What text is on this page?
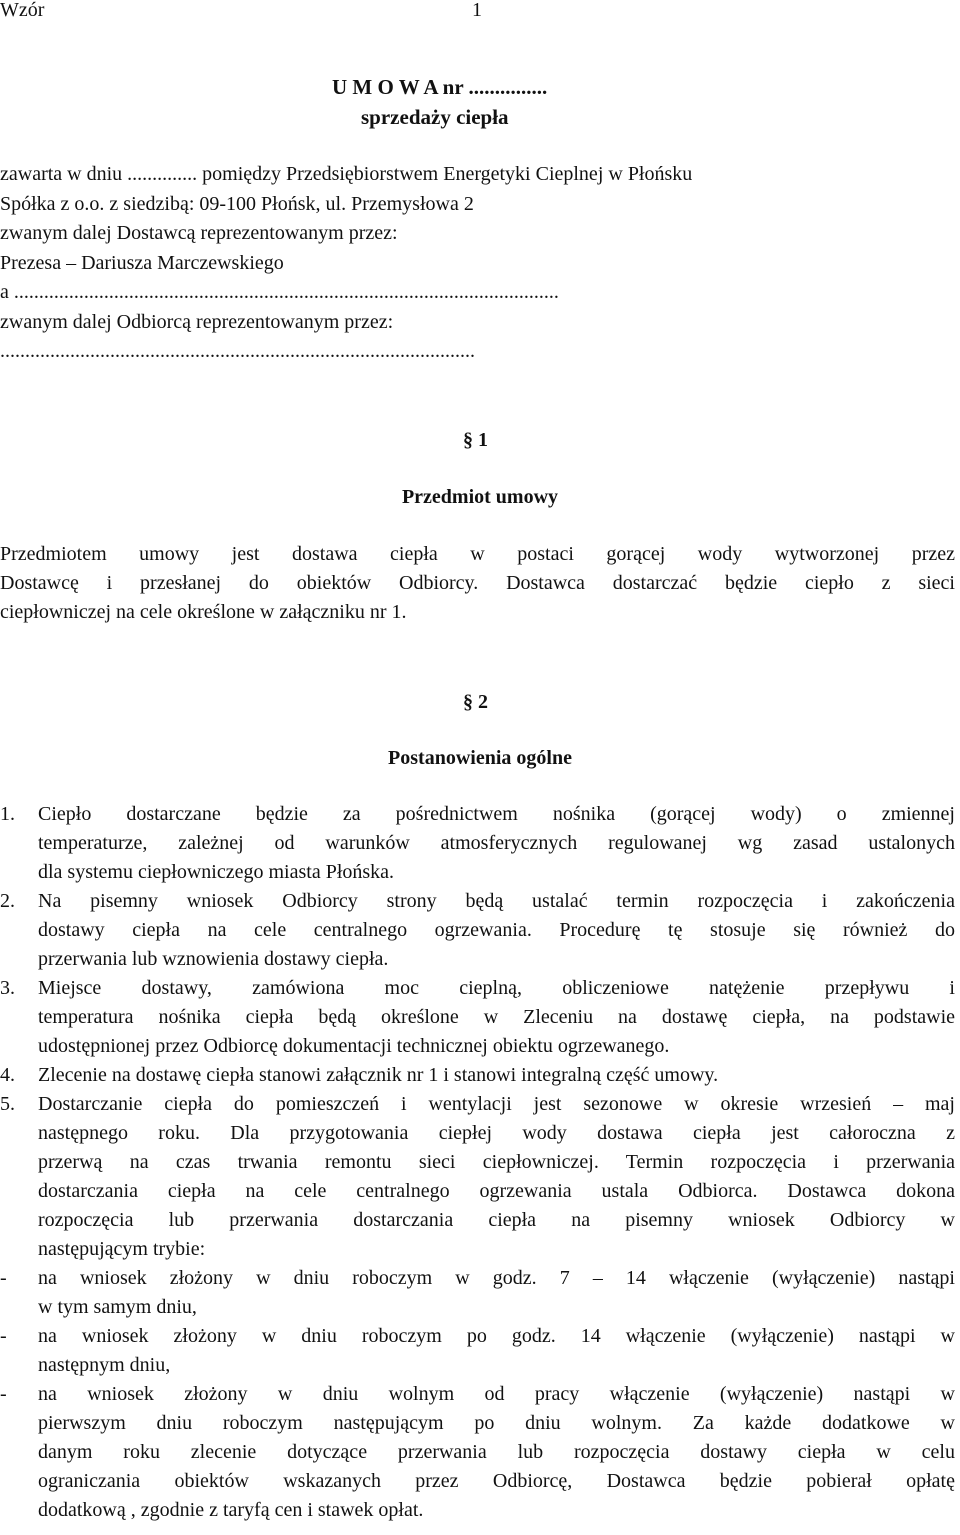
Wzór	1
U M O W A nr ...............
sprzedaży ciepła
zawarta w dniu .............. pomiędzy Przedsiębiorstwem Energetyki Cieplnej w Płońsku
Spółka z o.o. z siedzibą: 09-100 Płońsk, ul. Przemysłowa 2
zwanym dalej Dostawcą reprezentowanym przez:
Prezesa – Dariusza Marczewskiego
a .............................................................................................................
zwanym dalej Odbiorcą reprezentowanym przez:
...............................................................................................
§ 1
Przedmiot umowy
Przedmiotem umowy jest dostawa ciepła w postaci gorącej wody wytworzonej przez
Dostawcę i przesłanej do obiektów Odbiorcy. Dostawca dostarczać będzie ciepło z sieci
ciepłowniczej na cele określone w załączniku nr 1.
§ 2
Postanowienia ogólne
1. Ciepło dostarczane będzie za pośrednictwem nośnika (gorącej wody) o zmiennej
temperaturze, zależnej od warunków atmosferycznych regulowanej wg zasad ustalonych
dla systemu ciepłowniczego miasta Płońska.
2. Na pisemny wniosek Odbiorcy strony będą ustalać termin rozpoczęcia i zakończenia
dostawy ciepła na cele centralnego ogrzewania. Procedurę tę stosuje się również do
przerwania lub wznowienia dostawy ciepła.
3. Miejsce dostawy, zamówiona moc cieplną, obliczeniowe natężenie przepływu i
temperatura nośnika ciepła będą określone w Zleceniu na dostawę ciepła, na podstawie
udostępnionej przez Odbiorcę dokumentacji technicznej obiektu ogrzewanego.
4. Zlecenie na dostawę ciepła stanowi załącznik nr 1 i stanowi integralną część umowy.
5. Dostarczanie ciepła do pomieszczeń i wentylacji jest sezonowe w okresie wrzesień – maj
następnego roku. Dla przygotowania ciepłej wody dostawa ciepła jest całoroczna z
przerwą na czas trwania remontu sieci ciepłowniczej. Termin rozpoczęcia i przerwania
dostarczania ciepła na cele centralnego ogrzewania ustala Odbiorca. Dostawca dokona
rozpoczęcia lub przerwania dostarczania ciepła na pisemny wniosek Odbiorcy w
następującym trybie:
- na wniosek złożony w dniu roboczym w godz. 7 – 14 włączenie (wyłączenie) nastąpi
w tym samym dniu,
- na wniosek złożony w dniu roboczym po godz. 14 włączenie (wyłączenie) nastąpi w
następnym dniu,
- na wniosek złożony w dniu wolnym od pracy włączenie (wyłączenie) nastąpi w
pierwszym dniu roboczym następującym po dniu wolnym. Za każde dodatkowe w
danym roku zlecenie dotyczące przerwania lub rozpoczęcia dostawy ciepła w celu
ograniczania obiektów wskazanych przez Odbiorcę, Dostawca będzie pobierał opłatę
dodatkową , zgodnie z taryfą cen i stawek opłat.
